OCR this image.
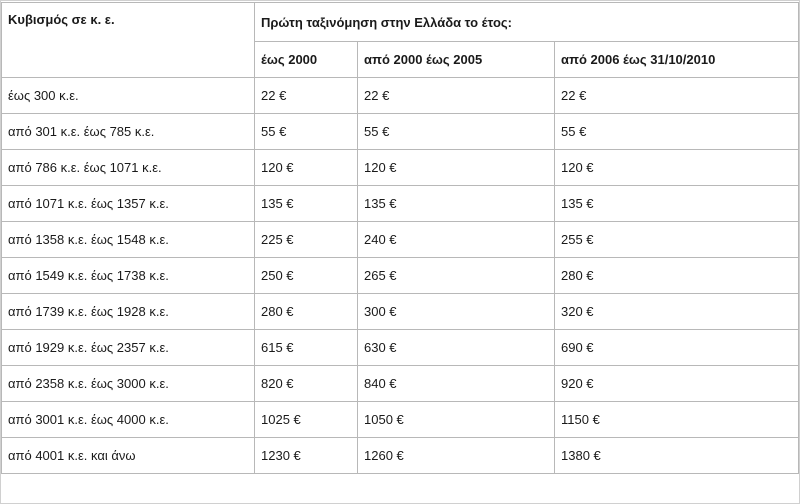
Κυβισμός σε κ. ε.	Πρώτη ταξινόμηση στην Ελλάδα το έτος:		
	έως 2000	από 2000 έως 2005	από 2006 έως 31/10/2010
έως 300 κ.ε.	22 €	22 €	22 €
από 301 κ.ε. έως 785 κ.ε.	55 €	55 €	55 €
από 786 κ.ε. έως 1071 κ.ε.	120 €	120 €	120 €
από 1071 κ.ε. έως 1357 κ.ε.	135 €	135 €	135 €
από 1358 κ.ε. έως 1548 κ.ε.	225 €	240 €	255 €
από 1549 κ.ε. έως 1738 κ.ε.	250 €	265 €	280 €
από 1739 κ.ε. έως 1928 κ.ε.	280 €	300 €	320 €
από 1929 κ.ε. έως 2357 κ.ε.	615 €	630 €	690 €
από 2358 κ.ε. έως 3000 κ.ε.	820 €	840 €	920 €
από 3001 κ.ε. έως 4000 κ.ε.	1025 €	1050 €	1150 €
από 4001 κ.ε. και άνω	1230 €	1260 €	1380 €
